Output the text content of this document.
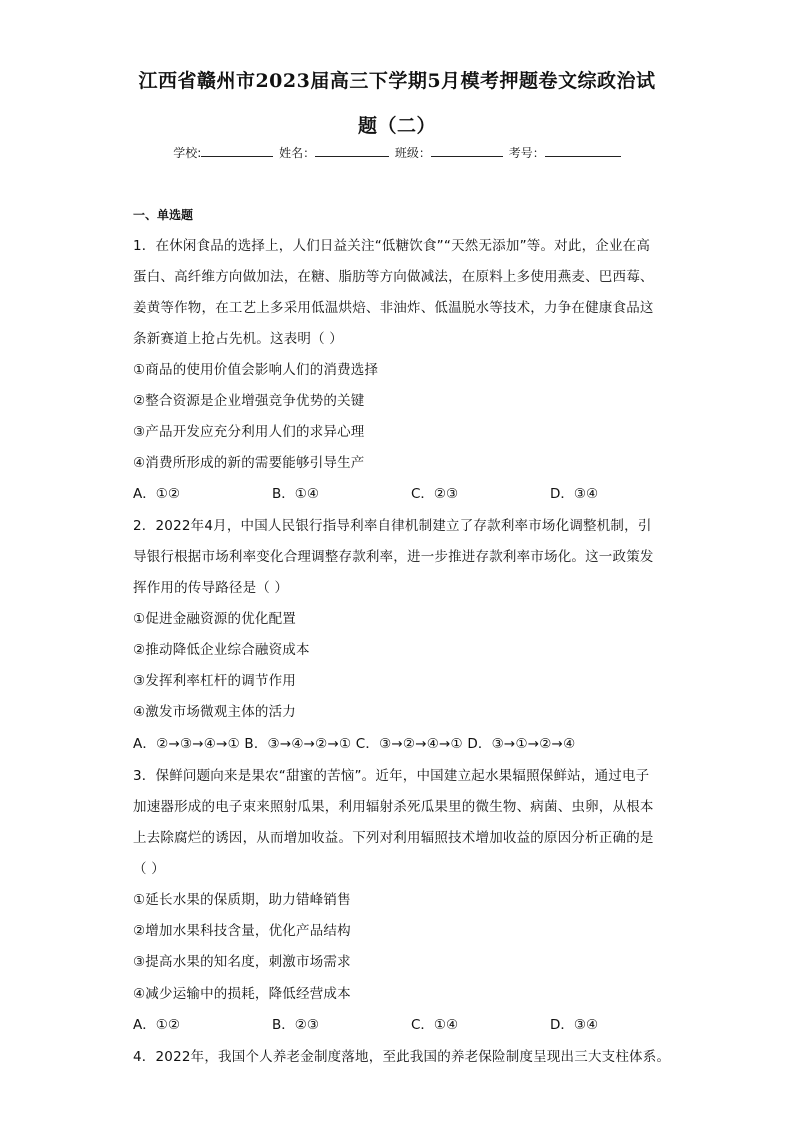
江西省赣州市2023届高三下学期5月模考押题卷文综政治试
题（二）
学校:	姓名：	班级：	考号：
一、单选题
1．在休闲食品的选择上，人们日益关注“低糖饮食”“天然无添加”等。对此，企业在高
蛋白、高纤维方向做加法，在糖、脂肪等方向做减法，在原料上多使用燕麦、巴西莓、
姜黄等作物，在工艺上多采用低温烘焙、非油炸、低温脱水等技术，力争在健康食品这
条新赛道上抢占先机。这表明（ ）
①商品的使用价值会影响人们的消费选择
②整合资源是企业增强竞争优势的关键
③产品开发应充分利用人们的求异心理
④消费所形成的新的需要能够引导生产
A．①②	B．①④	C．②③	D．③④
2．2022年4月，中国人民银行指导利率自律机制建立了存款利率市场化调整机制，引
导银行根据市场利率变化合理调整存款利率，进一步推进存款利率市场化。这一政策发
挥作用的传导路径是（ ）
①促进金融资源的优化配置
②推动降低企业综合融资成本
③发挥利率杠杆的调节作用
④激发市场微观主体的活力
A．②→③→④→① B．③→④→②→① C．③→②→④→① D．③→①→②→④
3．保鲜问题向来是果农“甜蜜的苦恼”。近年，中国建立起水果辐照保鲜站，通过电子
加速器形成的电子束来照射瓜果，利用辐射杀死瓜果里的微生物、病菌、虫卵，从根本
上去除腐烂的诱因，从而增加收益。下列对利用辐照技术增加收益的原因分析正确的是
（ ）
①延长水果的保质期，助力错峰销售
②增加水果科技含量，优化产品结构
③提高水果的知名度，刺激市场需求
④减少运输中的损耗，降低经营成本
A．①②	B．②③	C．①④	D．③④
4．2022年，我国个人养老金制度落地，至此我国的养老保险制度呈现出三大支柱体系。
